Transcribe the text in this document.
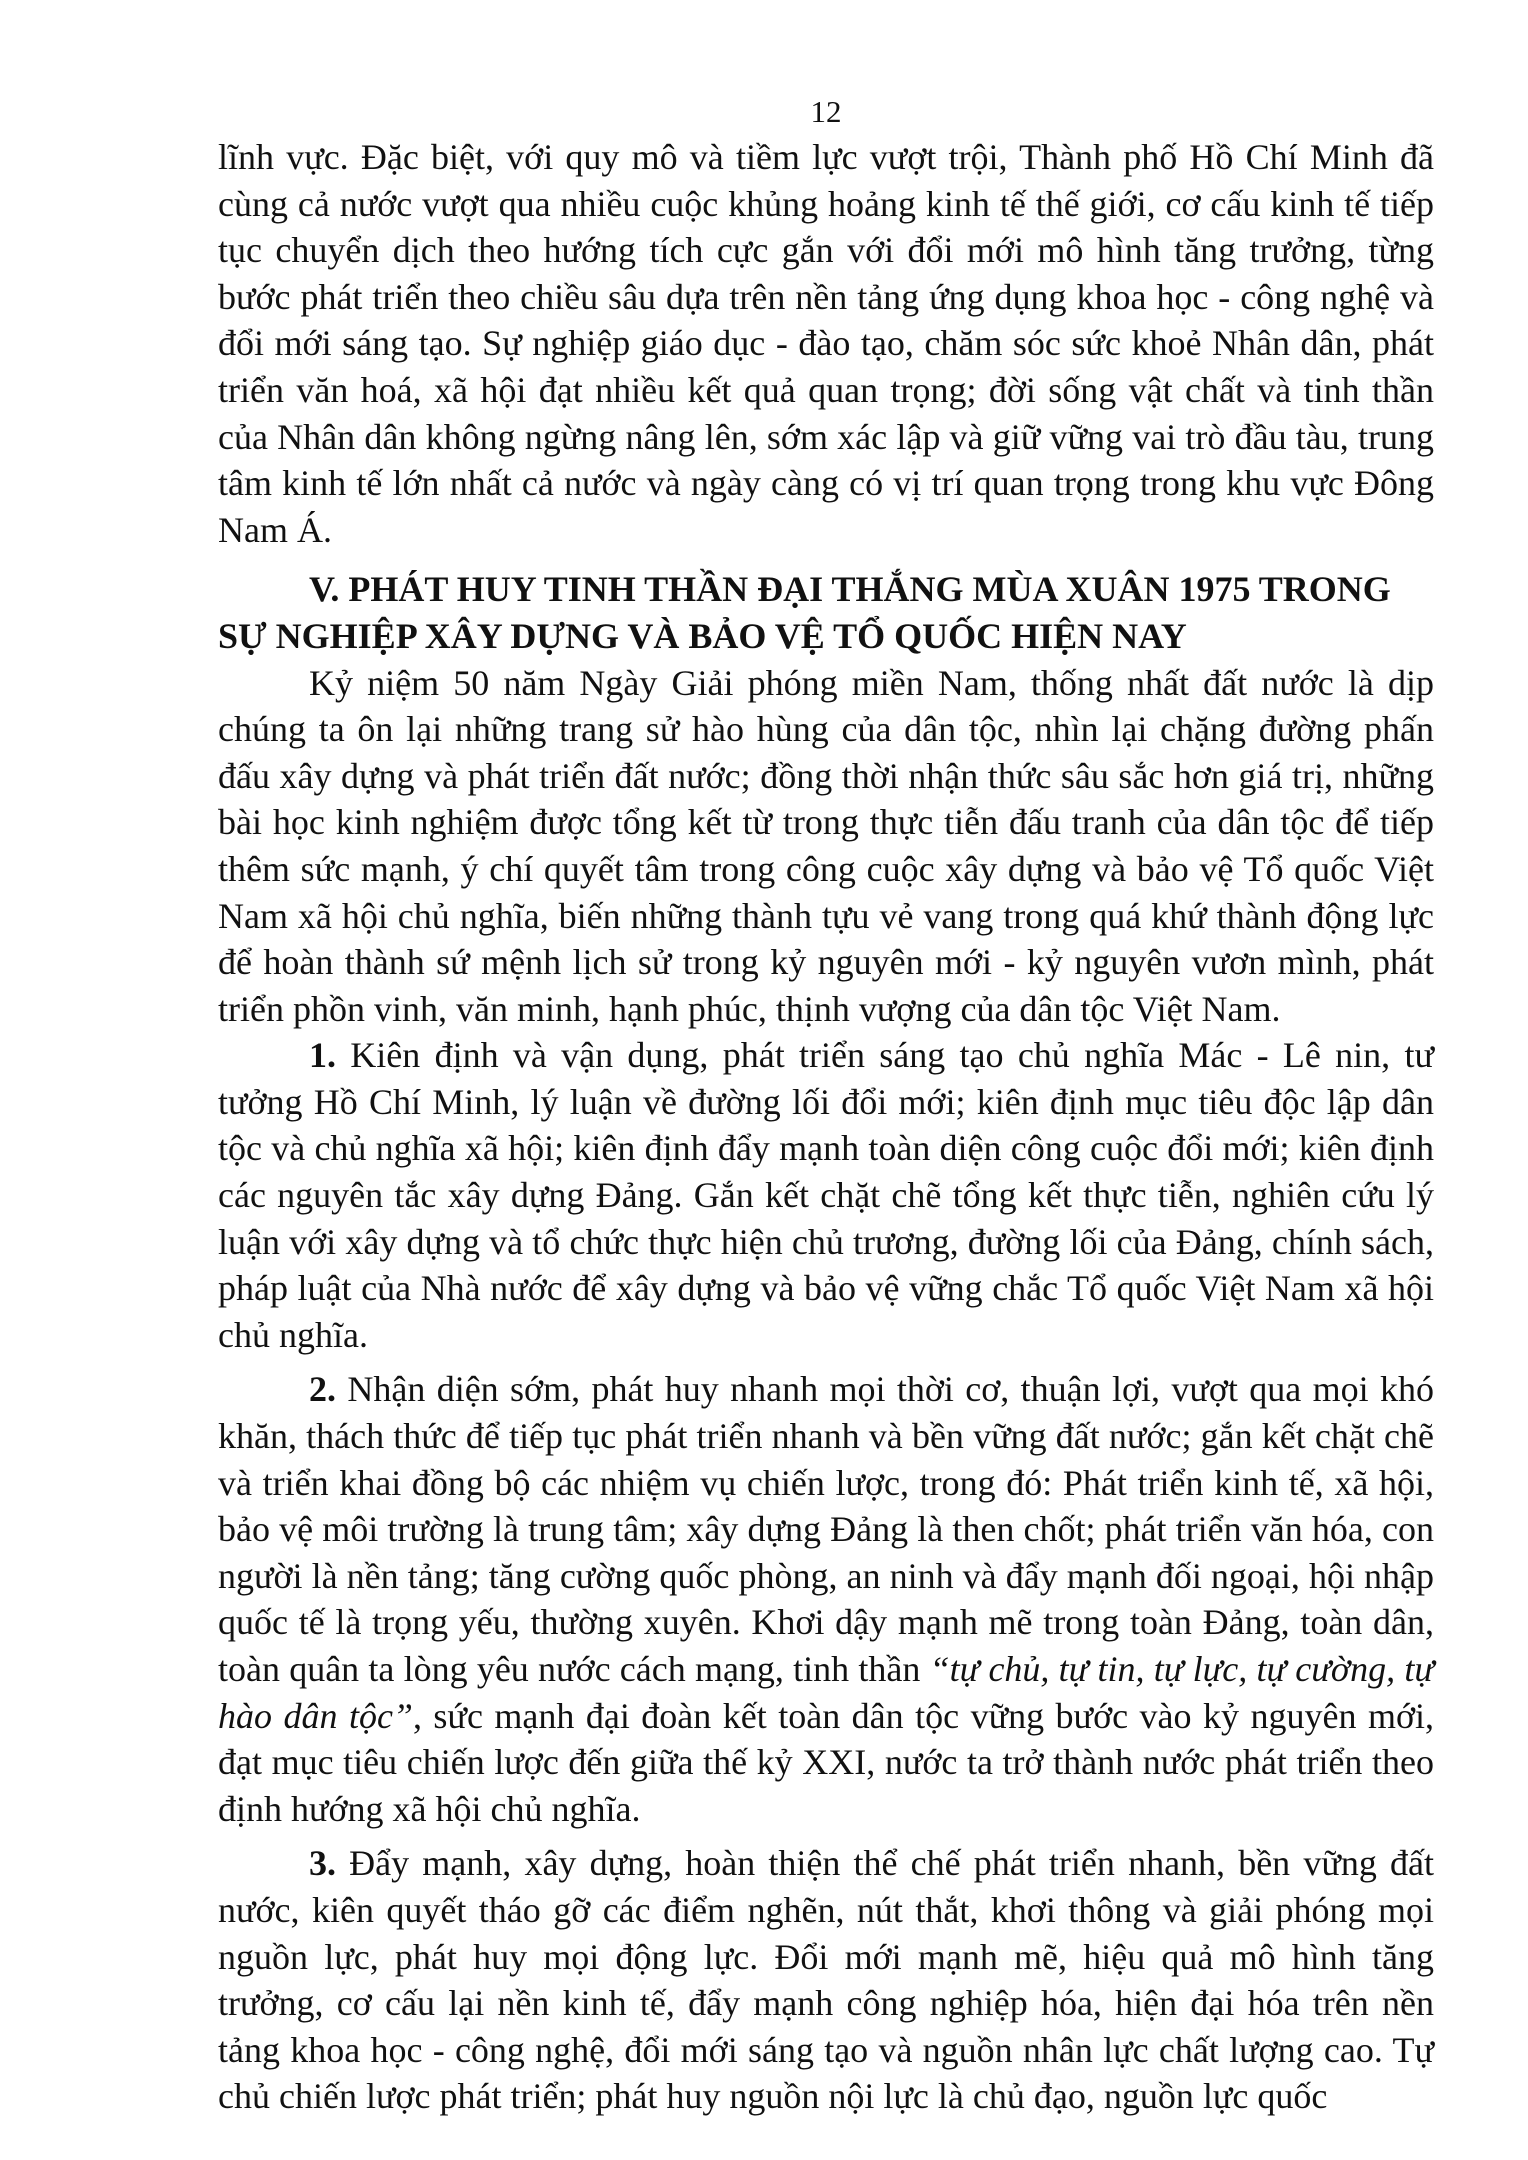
12

lĩnh vực. Đặc biệt, với quy mô và tiềm lực vượt trội, Thành phố Hồ Chí Minh đã cùng cả nước vượt qua nhiều cuộc khủng hoảng kinh tế thế giới, cơ cấu kinh tế tiếp tục chuyển dịch theo hướng tích cực gắn với đổi mới mô hình tăng trưởng, từng bước phát triển theo chiều sâu dựa trên nền tảng ứng dụng khoa học - công nghệ và đổi mới sáng tạo. Sự nghiệp giáo dục - đào tạo, chăm sóc sức khoẻ Nhân dân, phát triển văn hoá, xã hội đạt nhiều kết quả quan trọng; đời sống vật chất và tinh thần của Nhân dân không ngừng nâng lên, sớm xác lập và giữ vững vai trò đầu tàu, trung tâm kinh tế lớn nhất cả nước và ngày càng có vị trí quan trọng trong khu vực Đông Nam Á.

V. PHÁT HUY TINH THẦN ĐẠI THẮNG MÙA XUÂN 1975 TRONG SỰ NGHIỆP XÂY DỰNG VÀ BẢO VỆ TỔ QUỐC HIỆN NAY

Kỷ niệm 50 năm Ngày Giải phóng miền Nam, thống nhất đất nước là dịp chúng ta ôn lại những trang sử hào hùng của dân tộc, nhìn lại chặng đường phấn đấu xây dựng và phát triển đất nước; đồng thời nhận thức sâu sắc hơn giá trị, những bài học kinh nghiệm được tổng kết từ trong thực tiễn đấu tranh của dân tộc để tiếp thêm sức mạnh, ý chí quyết tâm trong công cuộc xây dựng và bảo vệ Tổ quốc Việt Nam xã hội chủ nghĩa, biến những thành tựu vẻ vang trong quá khứ thành động lực để hoàn thành sứ mệnh lịch sử trong kỷ nguyên mới - kỷ nguyên vươn mình, phát triển phồn vinh, văn minh, hạnh phúc, thịnh vượng của dân tộc Việt Nam.

1. Kiên định và vận dụng, phát triển sáng tạo chủ nghĩa Mác - Lê nin, tư tưởng Hồ Chí Minh, lý luận về đường lối đổi mới; kiên định mục tiêu độc lập dân tộc và chủ nghĩa xã hội; kiên định đẩy mạnh toàn diện công cuộc đổi mới; kiên định các nguyên tắc xây dựng Đảng. Gắn kết chặt chẽ tổng kết thực tiễn, nghiên cứu lý luận với xây dựng và tổ chức thực hiện chủ trương, đường lối của Đảng, chính sách, pháp luật của Nhà nước để xây dựng và bảo vệ vững chắc Tổ quốc Việt Nam xã hội chủ nghĩa.

2. Nhận diện sớm, phát huy nhanh mọi thời cơ, thuận lợi, vượt qua mọi khó khăn, thách thức để tiếp tục phát triển nhanh và bền vững đất nước; gắn kết chặt chẽ và triển khai đồng bộ các nhiệm vụ chiến lược, trong đó: Phát triển kinh tế, xã hội, bảo vệ môi trường là trung tâm; xây dựng Đảng là then chốt; phát triển văn hóa, con người là nền tảng; tăng cường quốc phòng, an ninh và đẩy mạnh đối ngoại, hội nhập quốc tế là trọng yếu, thường xuyên. Khơi dậy mạnh mẽ trong toàn Đảng, toàn dân, toàn quân ta lòng yêu nước cách mạng, tinh thần “tự chủ, tự tin, tự lực, tự cường, tự hào dân tộc”, sức mạnh đại đoàn kết toàn dân tộc vững bước vào kỷ nguyên mới, đạt mục tiêu chiến lược đến giữa thế kỷ XXI, nước ta trở thành nước phát triển theo định hướng xã hội chủ nghĩa.

3. Đẩy mạnh, xây dựng, hoàn thiện thể chế phát triển nhanh, bền vững đất nước, kiên quyết tháo gỡ các điểm nghẽn, nút thắt, khơi thông và giải phóng mọi nguồn lực, phát huy mọi động lực. Đổi mới mạnh mẽ, hiệu quả mô hình tăng trưởng, cơ cấu lại nền kinh tế, đẩy mạnh công nghiệp hóa, hiện đại hóa trên nền tảng khoa học - công nghệ, đổi mới sáng tạo và nguồn nhân lực chất lượng cao. Tự chủ chiến lược phát triển; phát huy nguồn nội lực là chủ đạo, nguồn lực quốc
